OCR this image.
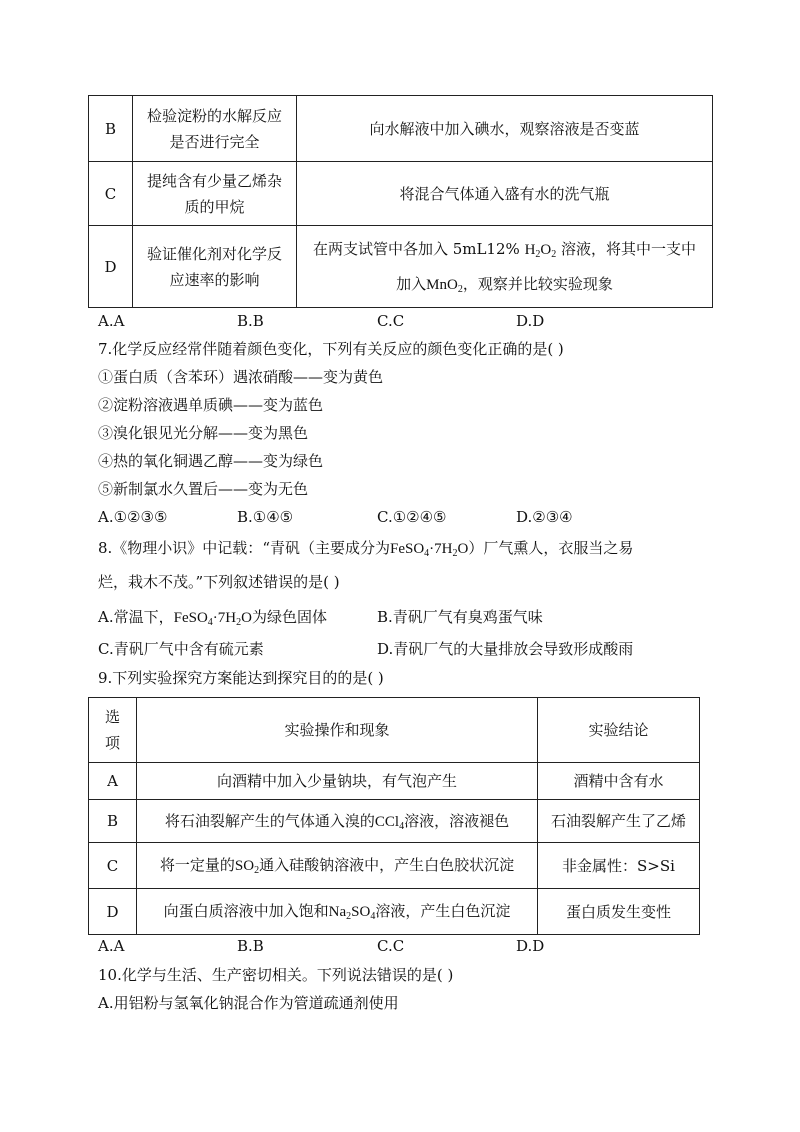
B	检验淀粉的水解反应
是否进行完全	向水解液中加入碘水，观察溶液是否变蓝
C	提纯含有少量乙烯杂
质的甲烷	将混合气体通入盛有水的洗气瓶
D	验证催化剂对化学反
应速率的影响	在两支试管中各加入 5mL12% $H_2O_2$ 溶液，将其中一支中
加入MnO$_2$，观察并比较实验现象
A.A	B.B	C.C	D.D
7.化学反应经常伴随着颜色变化，下列有关反应的颜色变化正确的是( )
①蛋白质（含苯环）遇浓硝酸——变为黄色
②淀粉溶液遇单质碘——变为蓝色
③溴化银见光分解——变为黑色
④热的氧化铜遇乙醇——变为绿色
⑤新制氯水久置后——变为无色
A.①②③⑤	B.①④⑤	C.①②④⑤	D.②③④
8.《物理小识》中记载：“青矾（主要成分为$FeSO_4\cdot 7H_2O$）厂气熏人，衣服当之易
烂，栽木不茂。”下列叙述错误的是( )
A.常温下，$FeSO_4\cdot 7H_2O$为绿色固体	B.青矾厂气有臭鸡蛋气味
C.青矾厂气中含有硫元素	D.青矾厂气的大量排放会导致形成酸雨
9.下列实验探究方案能达到探究目的的是( )
选
项	实验操作和现象	实验结论
A	向酒精中加入少量钠块，有气泡产生	酒精中含有水
B	将石油裂解产生的气体通入溴的CCl$_4$溶液，溶液褪色	石油裂解产生了乙烯
C	将一定量的$SO_2$通入硅酸钠溶液中，产生白色胶状沉淀	非金属性：S>Si
D	向蛋白质溶液中加入饱和$Na_2SO_4$溶液，产生白色沉淀	蛋白质发生变性
A.A	B.B	C.C	D.D
10.化学与生活、生产密切相关。下列说法错误的是( )
A.用铝粉与氢氧化钠混合作为管道疏通剂使用
